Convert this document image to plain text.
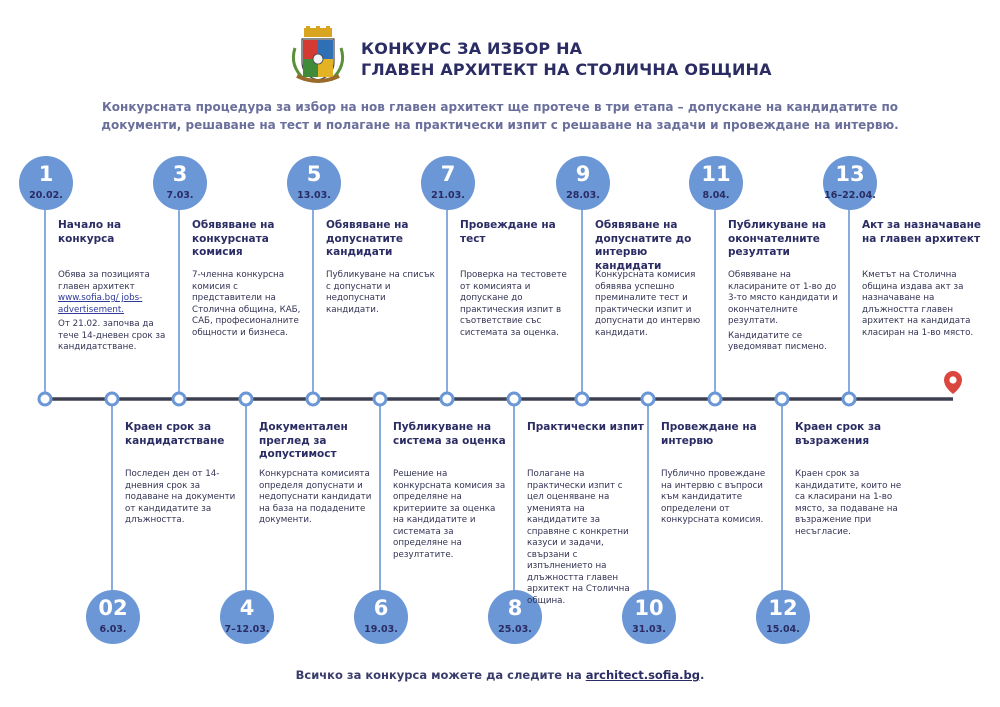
КОНКУРС ЗА ИЗБОР НА
ГЛАВЕН АРХИТЕКТ НА СТОЛИЧНА ОБЩИНА

Конкурсната процедура за избор на нов главен архитект ще протече в три етапа – допускане на кандидатите по документи, решаване на тест и полагане на практически изпит с решаване на задачи и провеждане на интервю.

1
20.02.

Начало на конкурса

Обява за позицията главен архитект
www.sofia.bg/ jobs-advertisement.
От 21.02. започва да тече 14-дневен срок за кандидатстване.
3
7.03.

Обявяване на конкурсната комисия

7-членна конкурсна комисия с представители на Столична община, КАБ, САБ, професионалните общности и бизнеса.
5
13.03.

Обявяване на допуснатите кандидати

Публикуване на списък с допуснати и недопуснати кандидати.
7
21.03.

Провеждане на тест

Проверка на тестовете от комисията и допускане до практическия изпит в съответствие със системата за оценка.
9
28.03.

Обявяване на допуснатите до интервю кандидати

Конкурсната комисия обявява успешно преминалите тест и практически изпит и допуснати до интервю кандидати.
11
8.04.

Публикуване на окончателните резултати

Обявяване на класираните от 1-во до 3-то място кандидати и окончателните резултати.
Кандидатите се уведомяват писмено.
13
16–22.04.

Акт за назначаване на главен архитект

Кметът на Столична община издава акт за назначаване на длъжността главен архитект на кандидата класиран на 1-во място.
02
6.03.

Краен срок за кандидатстване

Последен ден от 14-дневния срок за подаване на документи от кандидатите за длъжността.
4
7–12.03.

Документален преглед за допустимост

Конкурсната комисията определя допуснати и недопуснати кандидати на база на подадените документи.
6
19.03.

Публикуване на система за оценка

Решение на конкурсната комисия за определяне на критериите за оценка на кандидатите и системата за определяне на резултатите.
8
25.03.

Практически изпит

Полагане на практически изпит с цел оценяване на уменията на кандидатите за справяне с конкретни казуси и задачи, свързани с изпълнението на длъжността главен архитект на Столична община.	10
31.03.

Провеждане на интервю

Публично провеждане на интервю с въпроси към кандидатите определени от конкурсната комисия.
12
15.04.

Краен срок за възражения

Краен срок за кандидатите, които не са класирани на 1-во място, за подаване на възражение при несъгласие.

Всичко за конкурса можете да следите на architect.sofia.bg.
